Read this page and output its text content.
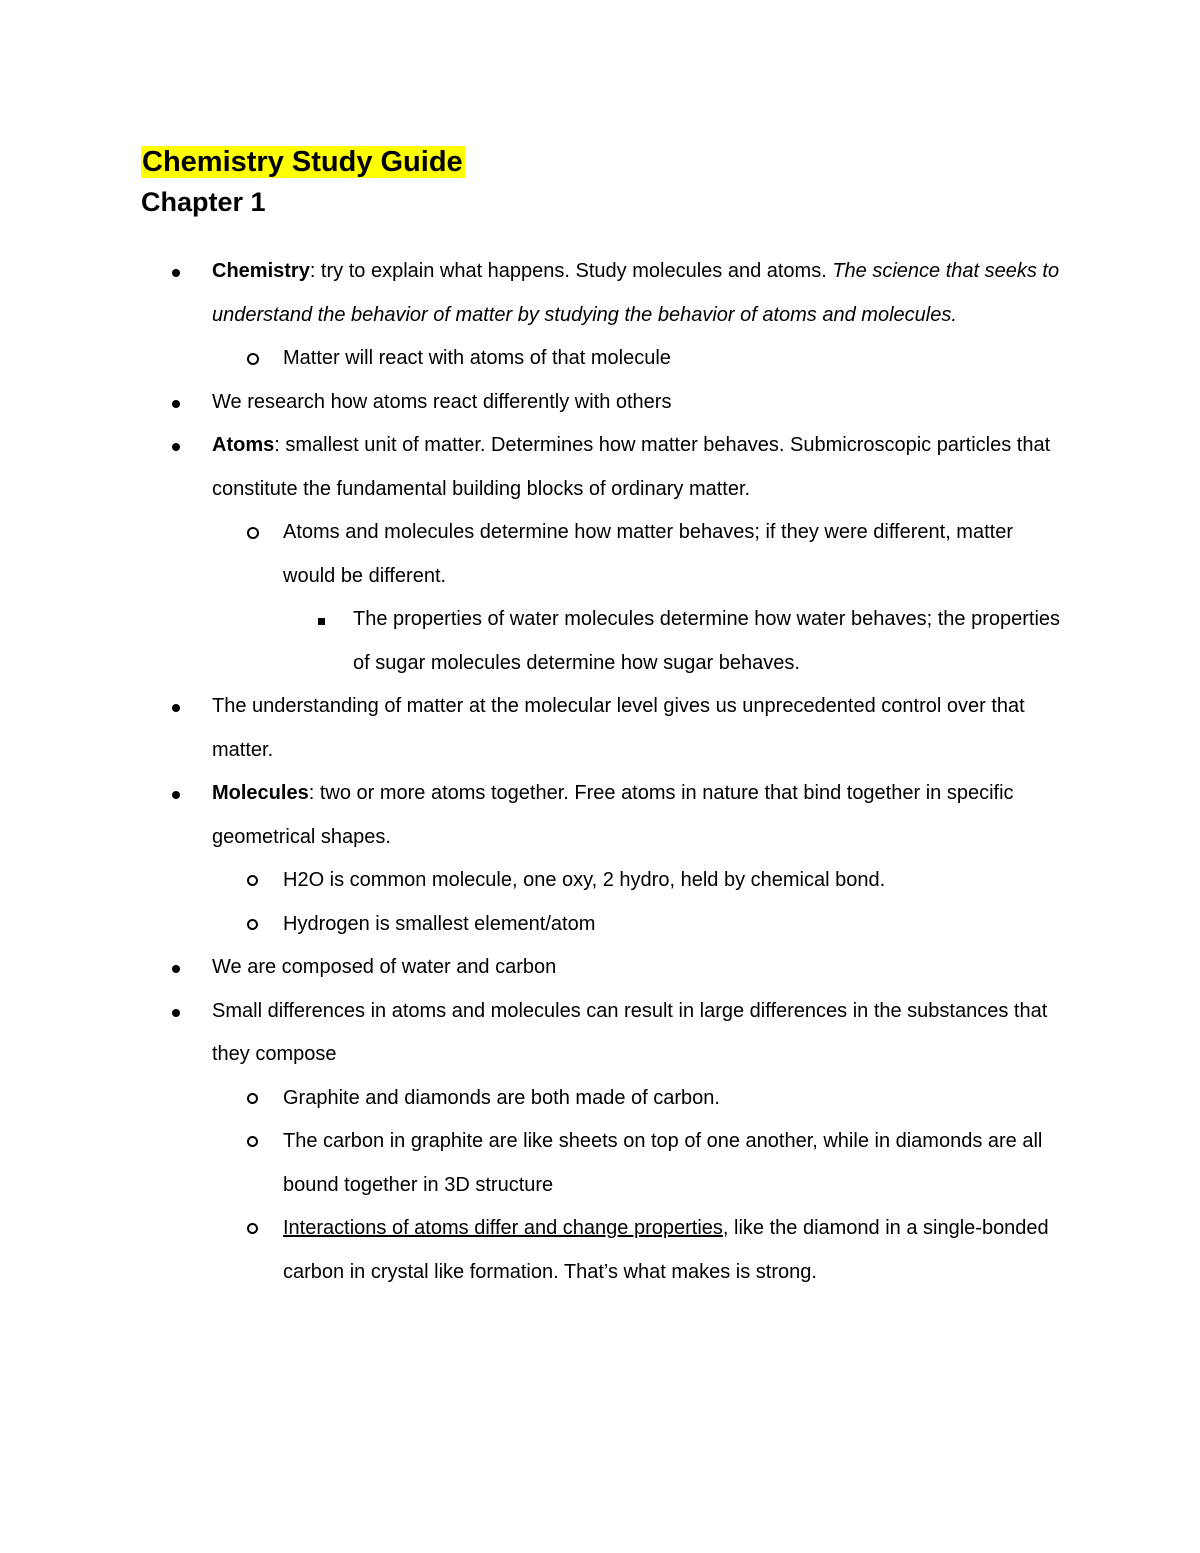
Chemistry Study Guide
Chapter 1

Chemistry: try to explain what happens. Study molecules and atoms. The science that seeks to understand the behavior of matter by studying the behavior of atoms and molecules.

Matter will react with atoms of that molecule

We research how atoms react differently with others

Atoms: smallest unit of matter. Determines how matter behaves. Submicroscopic particles that constitute the fundamental building blocks of ordinary matter.

Atoms and molecules determine how matter behaves; if they were different, matter would be different.

The properties of water molecules determine how water behaves; the properties of sugar molecules determine how sugar behaves.

The understanding of matter at the molecular level gives us unprecedented control over that matter.

Molecules: two or more atoms together. Free atoms in nature that bind together in specific geometrical shapes.

H2O is common molecule, one oxy, 2 hydro, held by chemical bond.

Hydrogen is smallest element/atom

We are composed of water and carbon

Small differences in atoms and molecules can result in large differences in the substances that they compose

Graphite and diamonds are both made of carbon.

The carbon in graphite are like sheets on top of one another, while in diamonds are all bound together in 3D structure

Interactions of atoms differ and change properties, like the diamond in a single-bonded carbon in crystal like formation. That’s what makes is strong.
